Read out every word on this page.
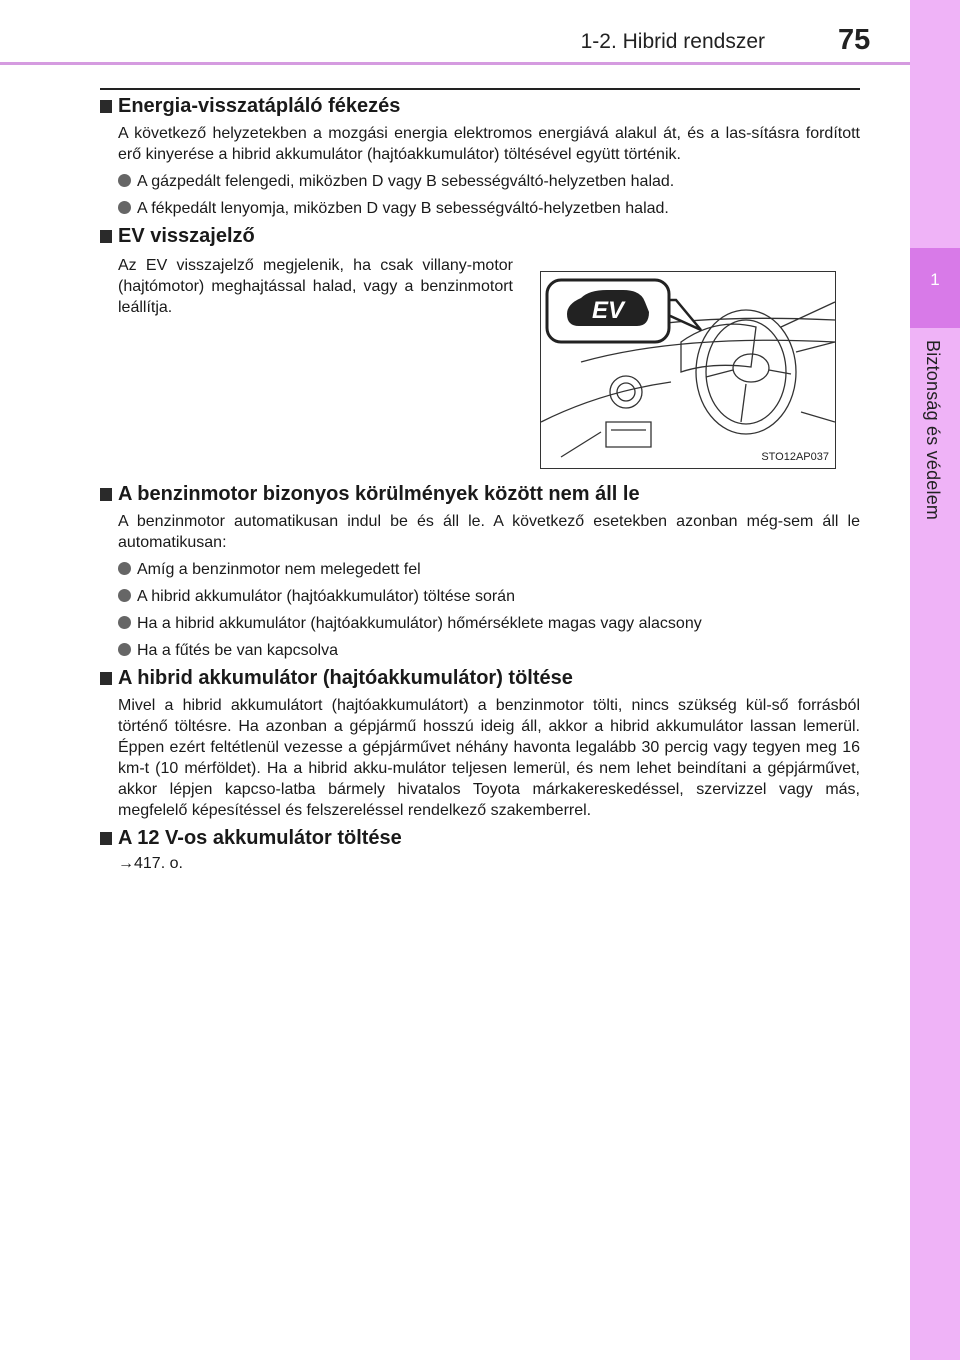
1-2. Hibrid rendszer	75
1
Biztonság és védelem
Energia-visszatápláló fékezés

A következő helyzetekben a mozgási energia elektromos energiává alakul át, és a las-sításra fordított erő kinyerése a hibrid akkumulátor (hajtóakkumulátor) töltésével együtt történik.

A gázpedált felengedi, miközben D vagy B sebességváltó-helyzetben halad.
A fékpedált lenyomja, miközben D vagy B sebességváltó-helyzetben halad.
EV visszajelző
Az EV visszajelző megjelenik, ha csak villany-motor (hajtómotor) meghajtással halad, vagy a benzinmotort leállítja.	EV
STO12AP037
A benzinmotor bizonyos körülmények között nem áll le

A benzinmotor automatikusan indul be és áll le. A következő esetekben azonban még-sem áll le automatikusan:

Amíg a benzinmotor nem melegedett fel
A hibrid akkumulátor (hajtóakkumulátor) töltése során
Ha a hibrid akkumulátor (hajtóakkumulátor) hőmérséklete magas vagy alacsony
Ha a fűtés be van kapcsolva
A hibrid akkumulátor (hajtóakkumulátor) töltése

Mivel a hibrid akkumulátort (hajtóakkumulátort) a benzinmotor tölti, nincs szükség kül-ső forrásból történő töltésre. Ha azonban a gépjármű hosszú ideig áll, akkor a hibrid akkumulátor lassan lemerül. Éppen ezért feltétlenül vezesse a gépjárművet néhány havonta legalább 30 percig vagy tegyen meg 16 km-t (10 mérföldet). Ha a hibrid akku-mulátor teljesen lemerül, és nem lehet beindítani a gépjárművet, akkor lépjen kapcso-latba bármely hivatalos Toyota márkakereskedéssel, szervizzel vagy más, megfelelő képesítéssel és felszereléssel rendelkező szakemberrel.

A 12 V-os akkumulátor töltése
→417. o.
